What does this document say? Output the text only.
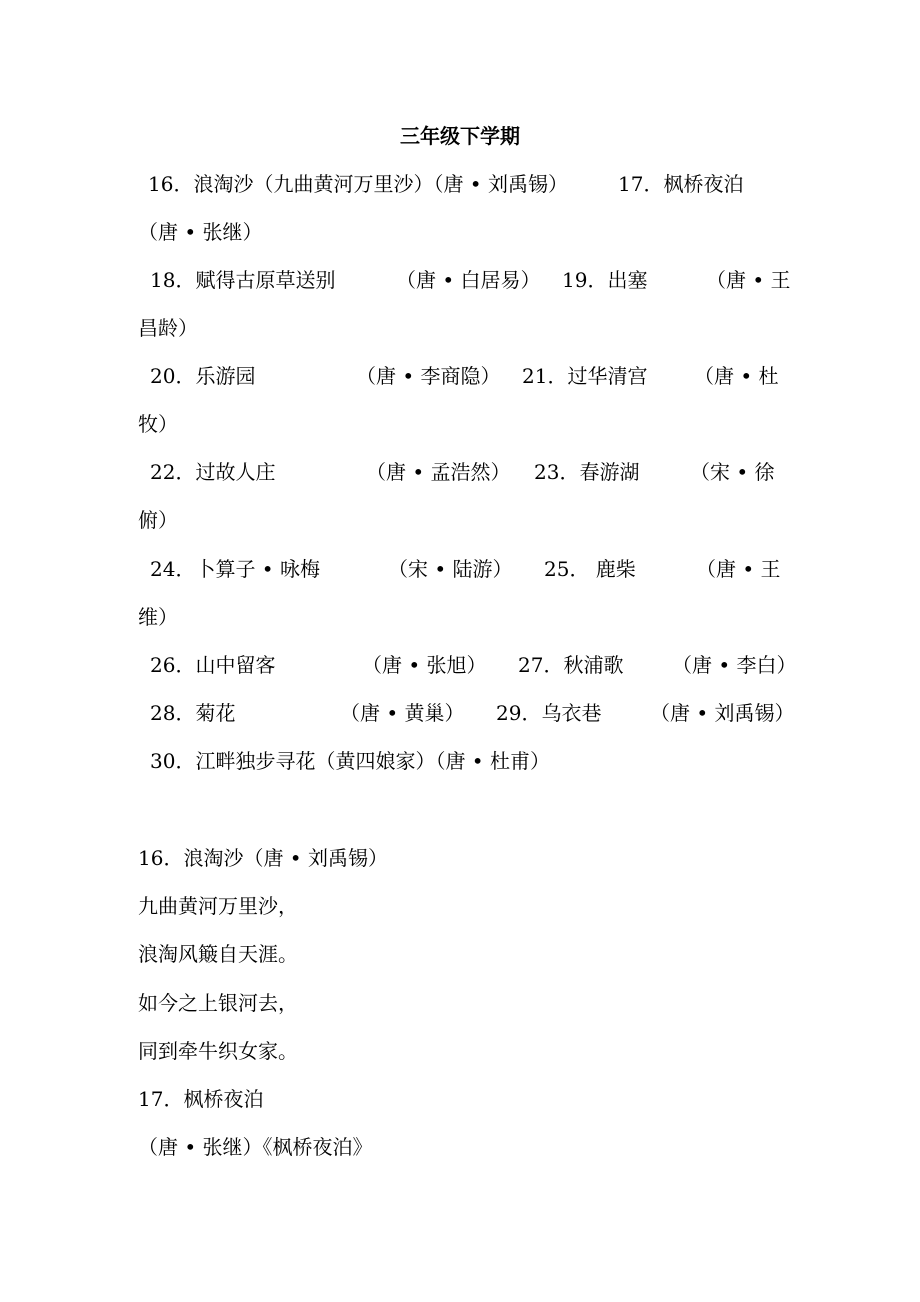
三年级下学期
16．浪淘沙（九曲黄河万里沙）（唐 • 刘禹锡）	17．枫桥夜泊
（唐 • 张继）
18．赋得古原草送别	（唐 • 白居易） 19．出塞	（唐 • 王
昌龄）
20．乐游园	（唐 • 李商隐） 21．过华清宫 （唐 • 杜
牧）
22．过故人庄	（唐 • 孟浩然） 23．春游湖	（宋 • 徐
俯）
24．卜算子 • 咏梅	（宋 • 陆游） 25． 鹿柴	（唐 • 王
维）
26．山中留客	（唐 • 张旭） 27．秋浦歌 （唐 • 李白）
28．菊花	（唐 • 黄巢） 29．乌衣巷 （唐 • 刘禹锡）
30．江畔独步寻花（黄四娘家）（唐 • 杜甫）
16．浪淘沙（唐 • 刘禹锡）
九曲黄河万里沙，
浪淘风簸自天涯。
如今之上银河去，
同到牵牛织女家。
17．枫桥夜泊
（唐 • 张继）《枫桥夜泊》
